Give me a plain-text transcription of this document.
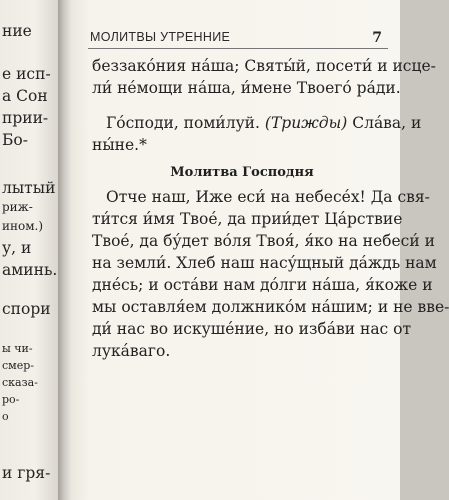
ние
е исп-
а Сон
прии-
Бо-
лытый
риж-
ином.)
у, и
аминь.
спори
ы чи-
смер-
сказа-
ро-
о
и гря-
МОЛИТВЫ УТРЕННИЕ	7
беззако́ния на́ша; Святы́й, посети́ и исце-
ли́ не́мощи на́ша, и́мене Твоего́ ра́ди.
Го́споди, поми́луй. (Трижды) Сла́ва, и
ны́не.*
Молитва Господня
Отче наш, Иже еси́ на небесе́х! Да свя-
ти́тся и́мя Твое́, да прии́дет Ца́рствие
Твое́, да бу́дет во́ля Твоя́, я́ко на небеси́ и
на земли́. Хлеб наш насу́щный да́ждь нам
дне́сь; и оста́ви нам до́лги на́ша, я́коже и
мы оставля́ем должнико́м на́шим; и не вве-
ди́ нас во искуше́ние, но изба́ви нас от
лука́ваго.
